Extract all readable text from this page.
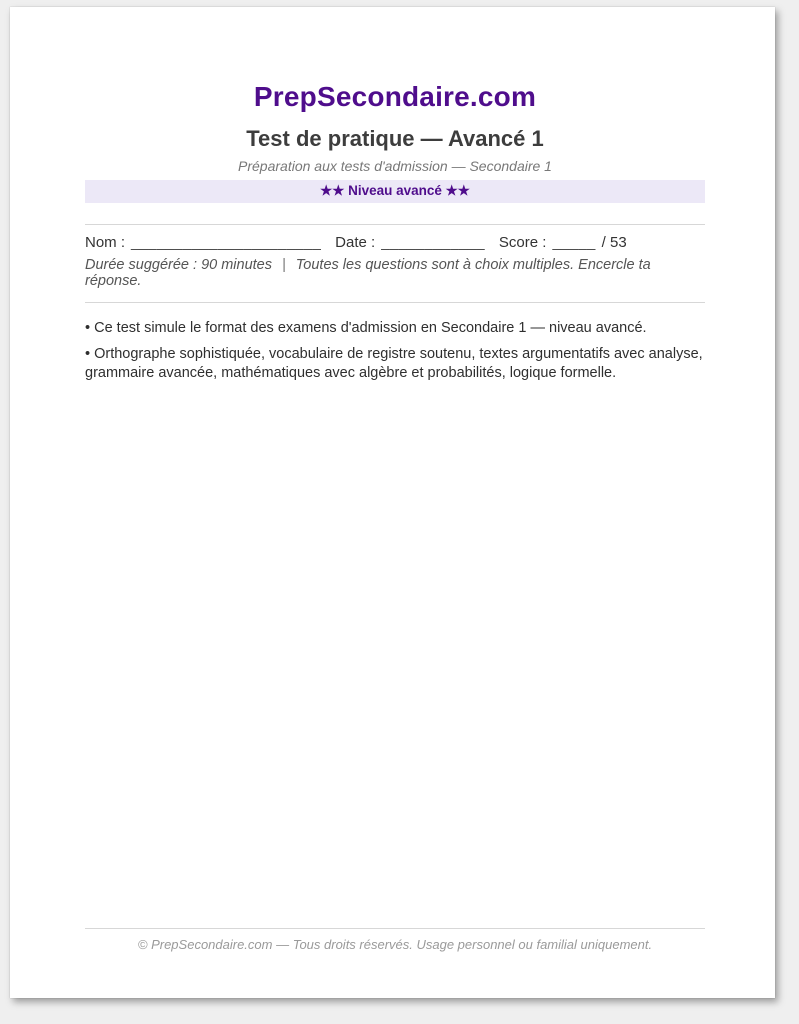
PrepSecondaire.com
Test de pratique — Avancé 1
Préparation aux tests d'admission — Secondaire 1
★★ Niveau avancé ★★
Nom : ______________________ Date : ____________ Score : _____ / 53
Durée suggérée : 90 minutes | Toutes les questions sont à choix multiples. Encercle ta réponse.

• Ce test simule le format des examens d'admission en Secondaire 1 — niveau avancé.

• Orthographe sophistiquée, vocabulaire de registre soutenu, textes argumentatifs avec analyse, grammaire avancée, mathématiques avec algèbre et probabilités, logique formelle.

© PrepSecondaire.com — Tous droits réservés. Usage personnel ou familial uniquement.
